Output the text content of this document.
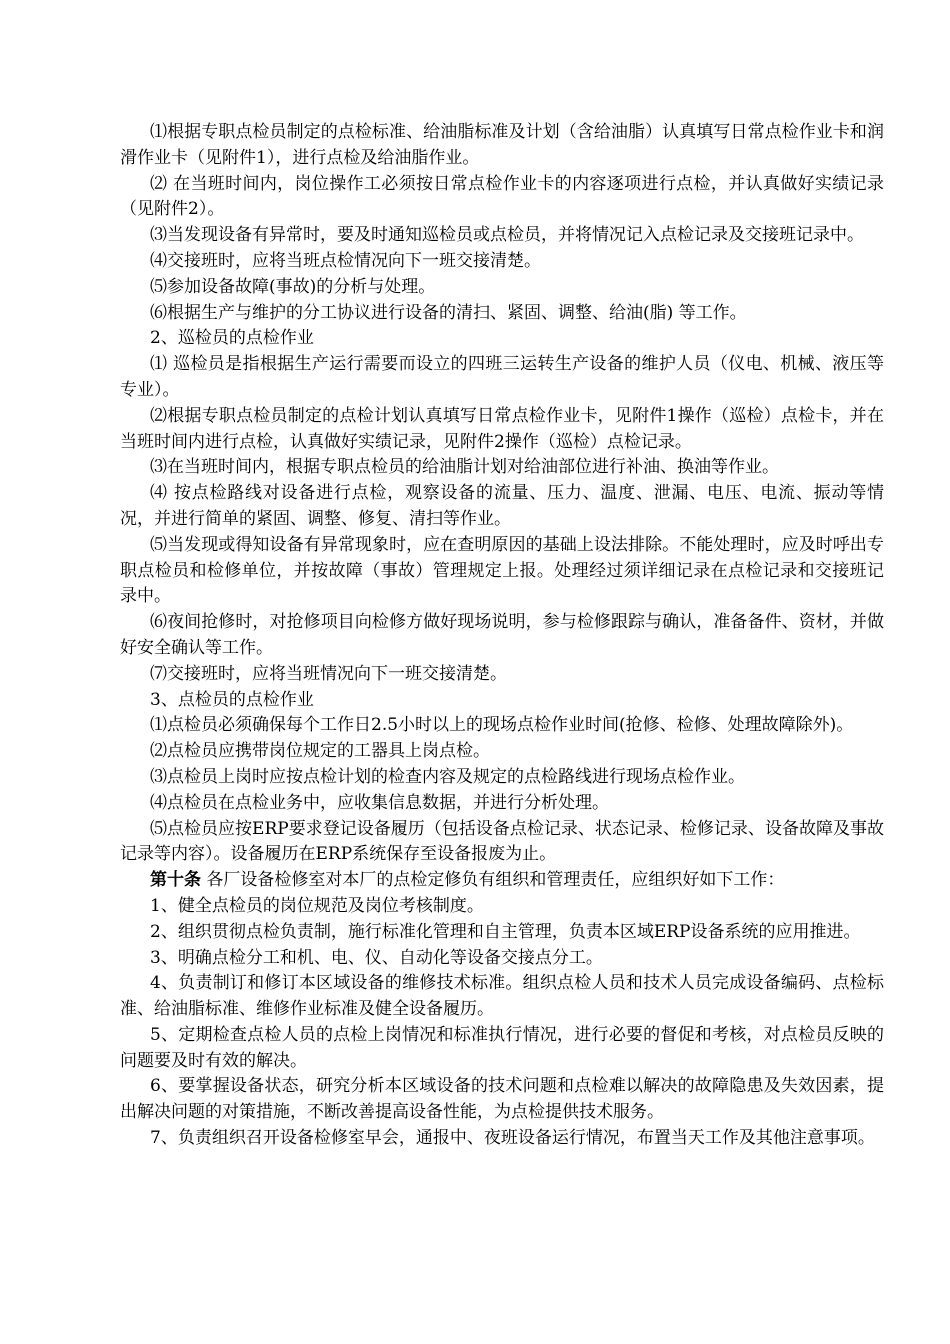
⑴根据专职点检员制定的点检标准、给油脂标准及计划（含给油脂）认真填写日常点检作业卡和润滑作业卡（见附件1），进行点检及给油脂作业。

⑵ 在当班时间内，岗位操作工必须按日常点检作业卡的内容逐项进行点检，并认真做好实绩记录（见附件2）。

⑶当发现设备有异常时，要及时通知巡检员或点检员，并将情况记入点检记录及交接班记录中。

⑷交接班时，应将当班点检情况向下一班交接清楚。

⑸参加设备故障(事故)的分析与处理。

⑹根据生产与维护的分工协议进行设备的清扫、紧固、调整、给油(脂) 等工作。

2、巡检员的点检作业

⑴ 巡检员是指根据生产运行需要而设立的四班三运转生产设备的维护人员（仪电、机械、液压等专业）。

⑵根据专职点检员制定的点检计划认真填写日常点检作业卡，见附件1操作（巡检）点检卡，并在当班时间内进行点检，认真做好实绩记录，见附件2操作（巡检）点检记录。

⑶在当班时间内，根据专职点检员的给油脂计划对给油部位进行补油、换油等作业。

⑷ 按点检路线对设备进行点检，观察设备的流量、压力、温度、泄漏、电压、电流、振动等情况，并进行简单的紧固、调整、修复、清扫等作业。

⑸当发现或得知设备有异常现象时，应在查明原因的基础上设法排除。不能处理时，应及时呼出专职点检员和检修单位，并按故障（事故）管理规定上报。处理经过须详细记录在点检记录和交接班记录中。

⑹夜间抢修时，对抢修项目向检修方做好现场说明，参与检修跟踪与确认，准备备件、资材，并做好安全确认等工作。

⑺交接班时，应将当班情况向下一班交接清楚。

3、点检员的点检作业

⑴点检员必须确保每个工作日2.5小时以上的现场点检作业时间(抢修、检修、处理故障除外)。

⑵点检员应携带岗位规定的工器具上岗点检。

⑶点检员上岗时应按点检计划的检查内容及规定的点检路线进行现场点检作业。

⑷点检员在点检业务中，应收集信息数据，并进行分析处理。

⑸点检员应按ERP要求登记设备履历（包括设备点检记录、状态记录、检修记录、设备故障及事故记录等内容）。设备履历在ERP系统保存至设备报废为止。

第十条 各厂设备检修室对本厂的点检定修负有组织和管理责任，应组织好如下工作：

1、健全点检员的岗位规范及岗位考核制度。

2、组织贯彻点检负责制，施行标准化管理和自主管理，负责本区域ERP设备系统的应用推进。

3、明确点检分工和机、电、仪、自动化等设备交接点分工。

4、负责制订和修订本区域设备的维修技术标准。组织点检人员和技术人员完成设备编码、点检标准、给油脂标准、维修作业标准及健全设备履历。

5、定期检查点检人员的点检上岗情况和标准执行情况，进行必要的督促和考核，对点检员反映的问题要及时有效的解决。

6、要掌握设备状态，研究分析本区域设备的技术问题和点检难以解决的故障隐患及失效因素，提出解决问题的对策措施，不断改善提高设备性能，为点检提供技术服务。

7、负责组织召开设备检修室早会，通报中、夜班设备运行情况，布置当天工作及其他注意事项。
